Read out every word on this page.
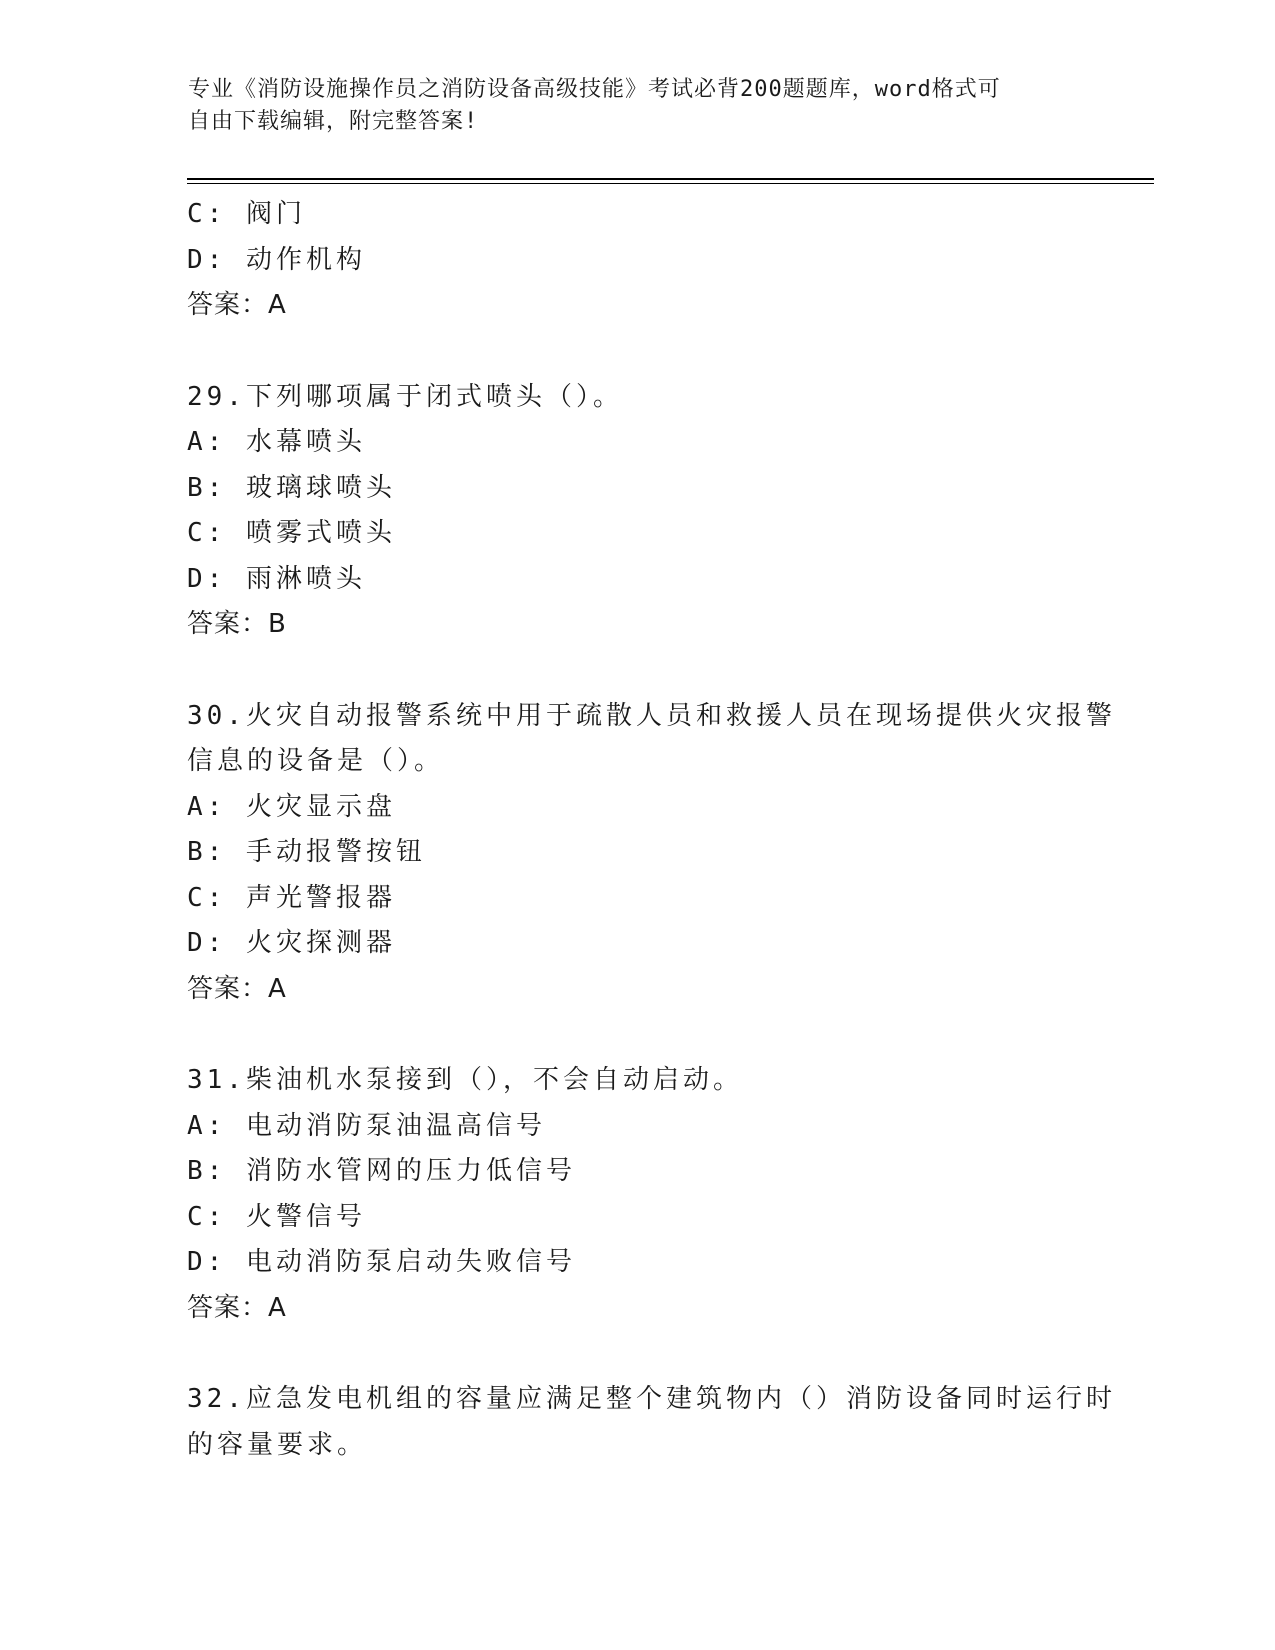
专业《消防设施操作员之消防设备高级技能》考试必背200题题库，word格式可
自由下载编辑，附完整答案!
C: 阀门
D: 动作机构
答案：A
29.下列哪项属于闭式喷头（）。
A: 水幕喷头
B: 玻璃球喷头
C: 喷雾式喷头
D: 雨淋喷头
答案：B
30.火灾自动报警系统中用于疏散人员和救援人员在现场提供火灾报警
信息的设备是（）。
A: 火灾显示盘
B: 手动报警按钮
C: 声光警报器
D: 火灾探测器
答案：A
31.柴油机水泵接到（），不会自动启动。
A: 电动消防泵油温高信号
B: 消防水管网的压力低信号
C: 火警信号
D: 电动消防泵启动失败信号
答案：A
32.应急发电机组的容量应满足整个建筑物内（）消防设备同时运行时
的容量要求。
